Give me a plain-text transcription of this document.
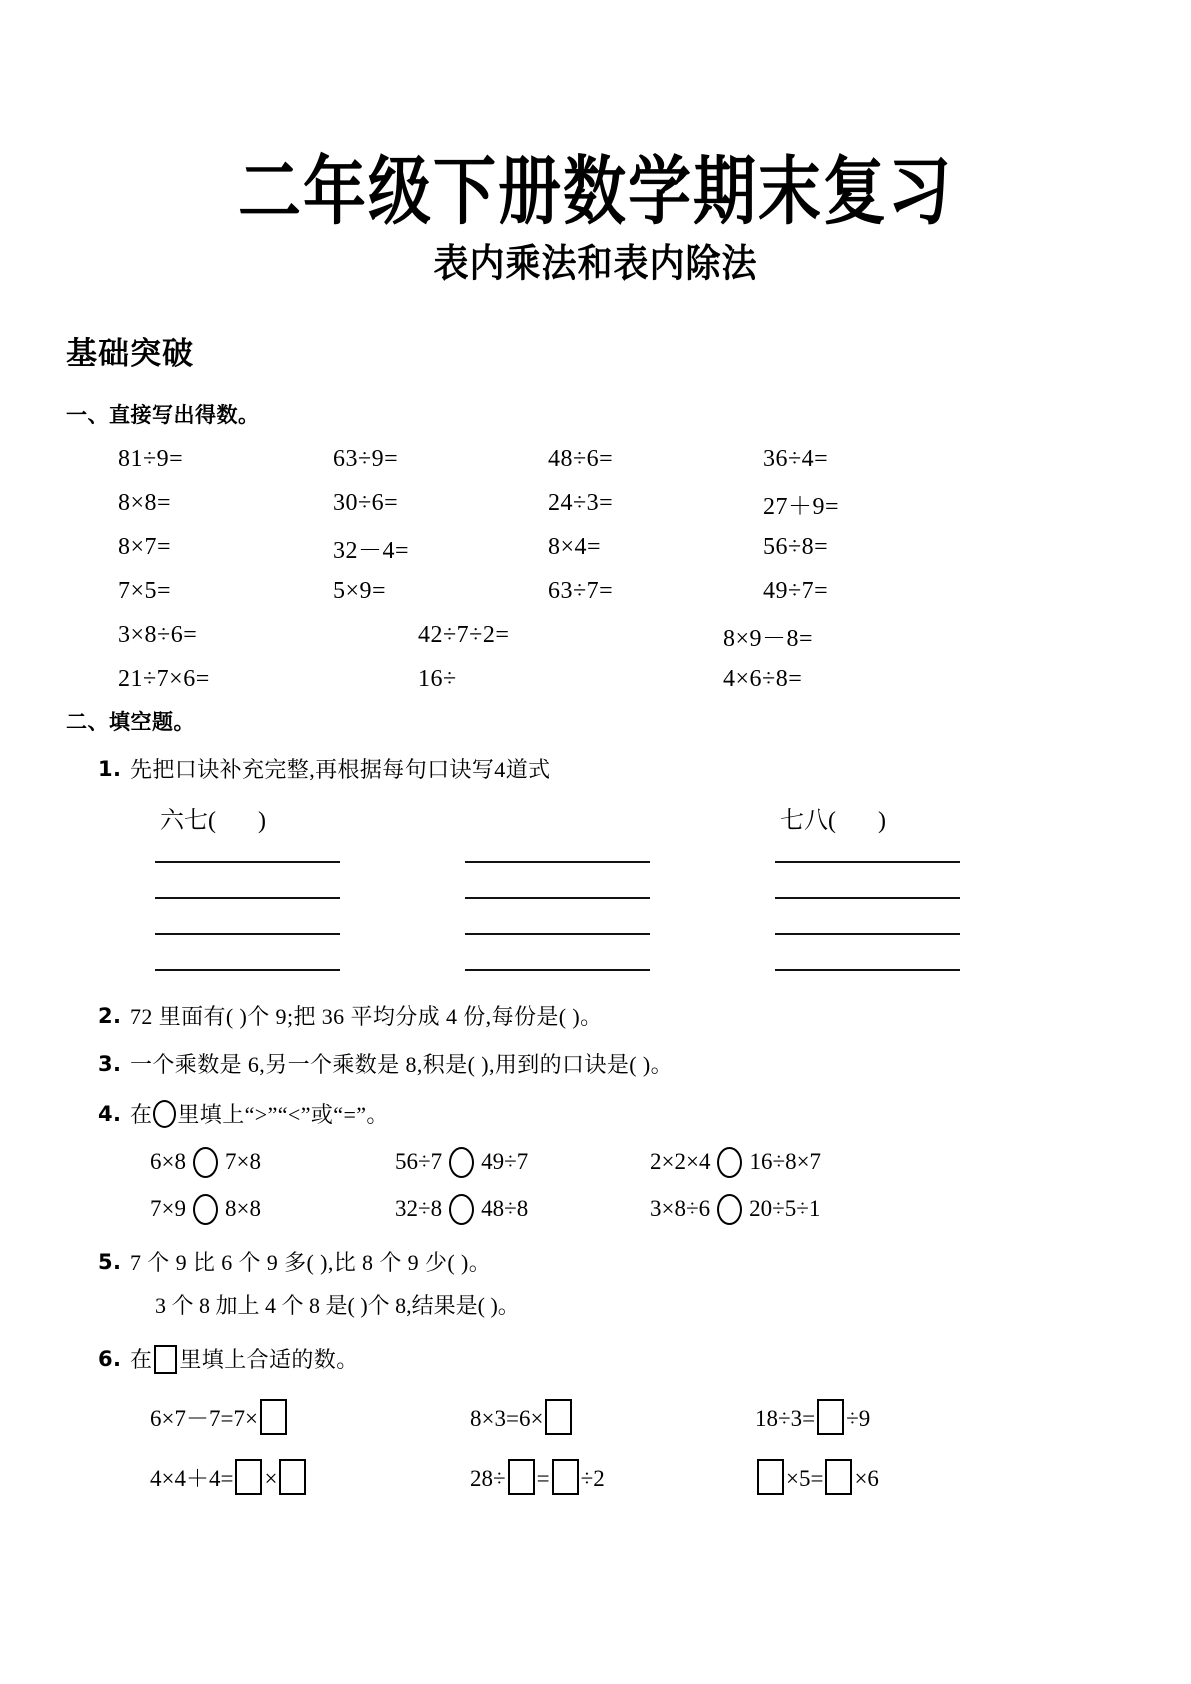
二年级下册数学期末复习
表内乘法和表内除法
基础突破
一、直接写出得数。
81÷9=	63÷9=	48÷6=	36÷4=
8×8=	30÷6=	24÷3=	27＋9=
8×7=	32－4=	8×4=	56÷8=
7×5=	5×9=	63÷7=	49÷7=
3×8÷6=	42÷7÷2=	8×9－8=
21÷7×6=	16÷	4×6÷8=
二、填空题。
1. 先把口诀补充完整,再根据每句口诀写4道式
六七( )	七八( )
2. 72 里面有( )个 9;把 36 平均分成 4 份,每份是( )。
3. 一个乘数是 6,另一个乘数是 8,积是( ),用到的口诀是( )。
4. 在 里填上“>”“<”或“=”。
6×8 7×8	56÷7 49÷7	2×2×4 16÷8×7
7×9 8×8	32÷8 48÷8	3×8÷6 20÷5÷1
5. 7 个 9 比 6 个 9 多( ),比 8 个 9 少( )。
3 个 8 加上 4 个 8 是( )个 8,结果是( )。
6. 在 里填上合适的数。
6×7－7=7×	8×3=6×	18÷3= ÷9
4×4＋4= ×	28÷ = ÷2	×5= ×6
